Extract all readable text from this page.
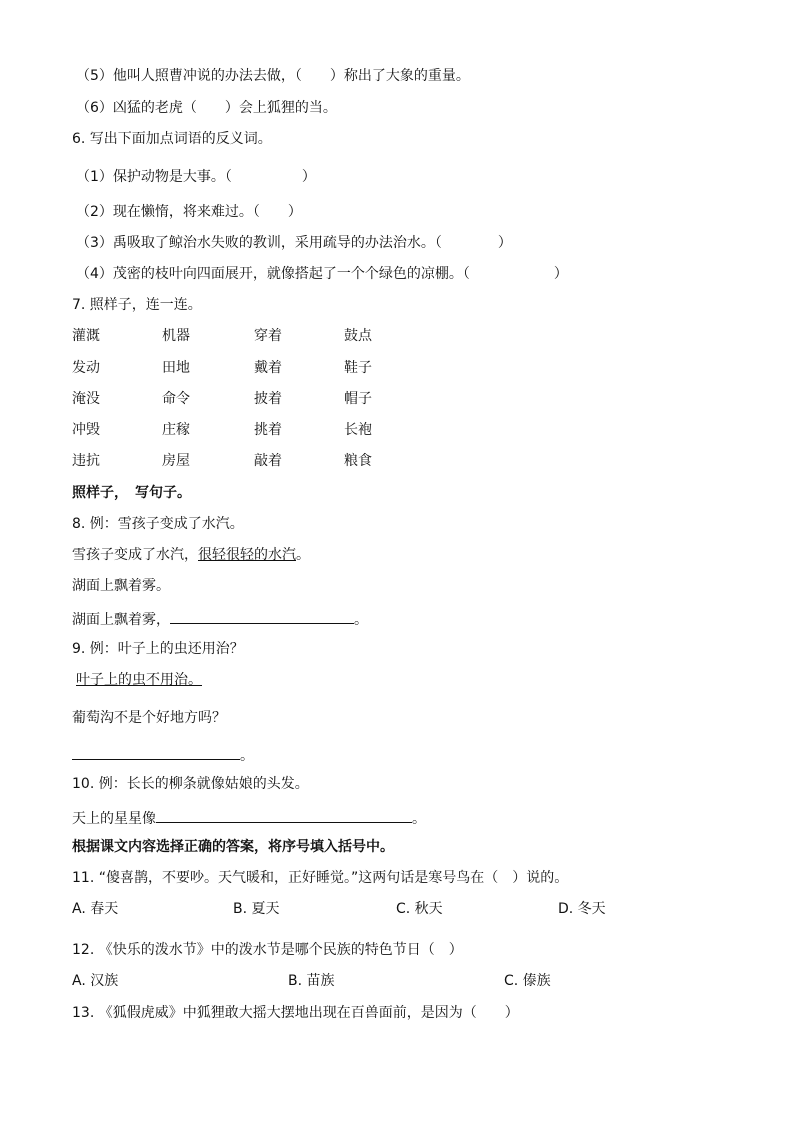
（5）他叫人照曹冲说的办法去做，（　　）称出了大象的重量。
（6）凶猛的老虎（　　）会上狐狸的当。
6. 写出下面加点词语的反义词。
（1）保护动物是大事。（　　　　　）
（2）现在懒惰，将来难过。（　　）
（3）禹吸取了鲸治水失败的教训，采用疏导的办法治水。（　　　　）
（4）茂密的枝叶向四面展开，就像搭起了一个个绿色的凉棚。（　　　　　　）
7. 照样子，连一连。
灌溉	机器	穿着	鼓点
发动	田地	戴着	鞋子
淹没	命令	披着	帽子
冲毁	庄稼	挑着	长袍
违抗	房屋	敲着	粮食
照样子，　写句子。
8. 例：雪孩子变成了水汽。
雪孩子变成了水汽，很轻很轻的水汽。
湖面上飘着雾。
湖面上飘着雾，	。
9. 例：叶子上的虫还用治？
叶子上的虫不用治。
葡萄沟不是个好地方吗？
。
10. 例：长长的柳条就像姑娘的头发。
天上的星星像	。
根据课文内容选择正确的答案，将序号填入括号中。
11. “傻喜鹊，不要吵。天气暖和，正好睡觉。”这两句话是寒号鸟在（　）说的。
A. 春天	B. 夏天	C. 秋天	D. 冬天
12. 《快乐的泼水节》中的泼水节是哪个民族的特色节日（　）
A. 汉族	B. 苗族	C. 傣族
13. 《狐假虎威》中狐狸敢大摇大摆地出现在百兽面前，是因为（　　）
